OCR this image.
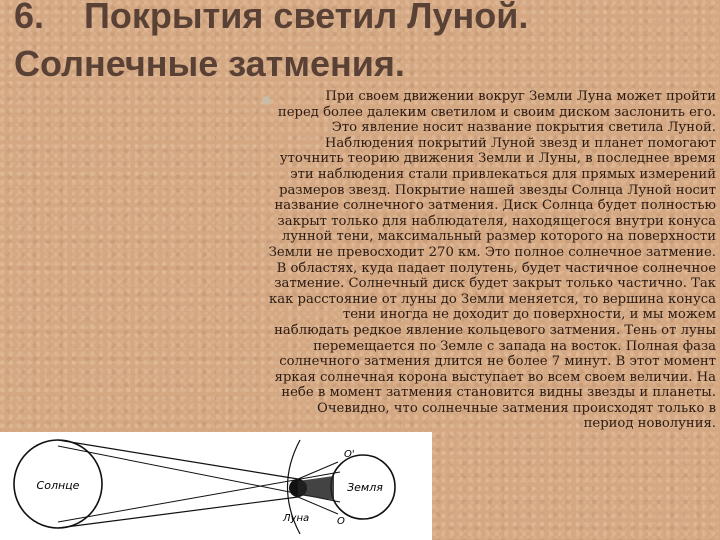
6.    Покрытия светил Луной.
Солнечные затмения.

При своем движении вокруг Земли Луна может пройти перед более далеким светилом и своим диском заслонить его. Это явление носит название покрытия светила Луной. Наблюдения покрытий Луной звезд и планет помогают уточнить теорию движения Земли и Луны, в последнее время эти наблюдения стали привлекаться для прямых измерений размеров звезд. Покрытие нашей звезды Солнца Луной носит название солнечного затмения. Диск Солнца будет полностью закрыт только для наблюдателя, находящегося внутри конуса лунной тени, максимальный размер которого на поверхности Земли не превосходит 270 км. Это полное солнечное затмение. В областях, куда падает полутень, будет частичное солнечное затмение. Солнечный диск будет закрыт только частично. Так как расстояние от луны до Земли меняется, то вершина конуса тени иногда не доходит до поверхности, и мы можем наблюдать редкое явление кольцевого затмения. Тень от луны перемещается по Земле с запада на восток. Полная фаза солнечного затмения длится не более 7 минут. В этот момент яркая солнечная корона выступает во всем своем величии. На небе в момент затмения становится видны звезды и планеты. Очевидно, что солнечные затмения происходят только в период новолуния.

Солнце	Земля
Луна
O'
O
